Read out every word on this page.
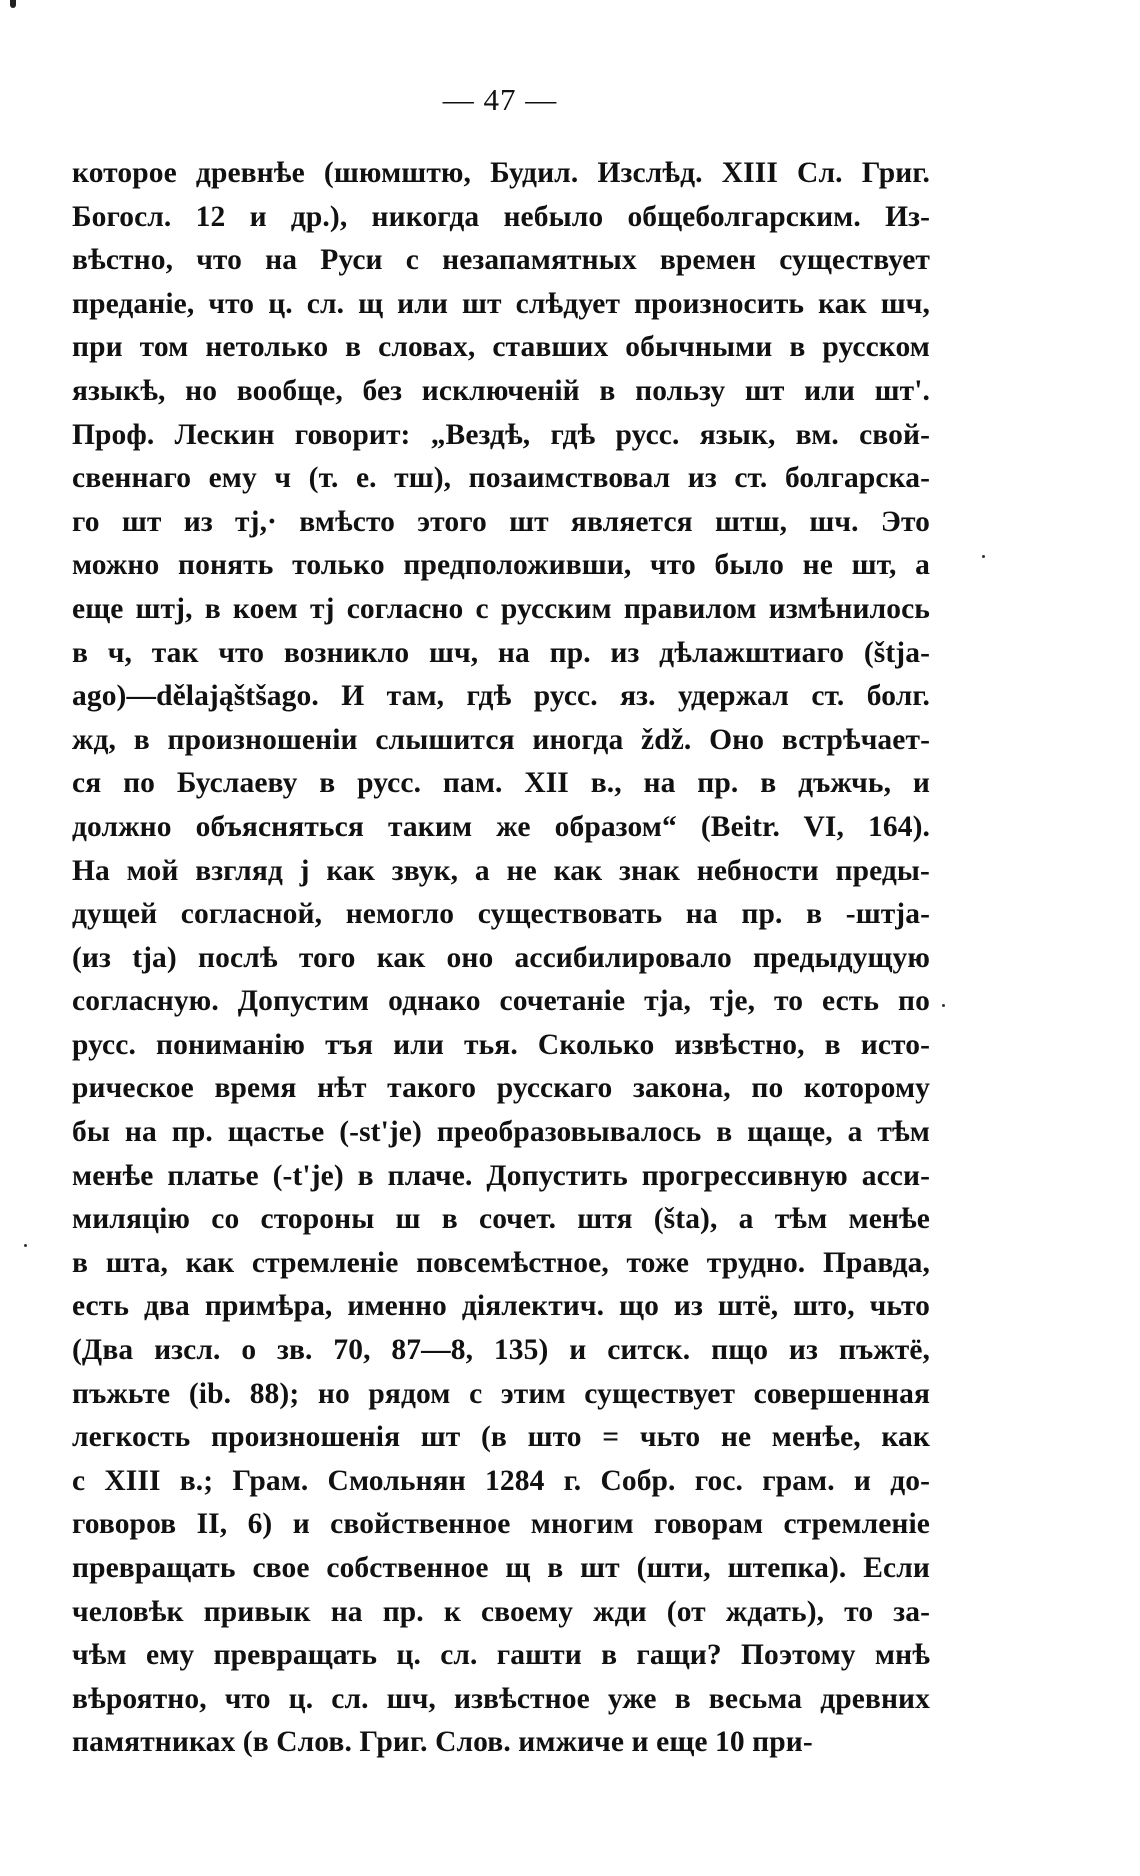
— 47 —
которое древнѣе (шюмштю, Будил. Изслѣд. XIII Сл. Григ.
Богосл. 12 и др.), никогда небыло общеболгарским. Из-
вѣстно, что на Руси с незапамятных времен существует
преданіе, что ц. сл. щ или шт слѣдует произносить как шч,
при том нетолько в словах, ставших обычными в русском
языкѣ, но вообще, без исключеній в пользу шт или шт'.
Проф. Лескин говорит: „Вездѣ, гдѣ русс. язык, вм. свой-
свеннаго ему ч (т. е. тш), позаимствовал из ст. болгарска-
го шт из тj,· вмѣсто этого шт является штш, шч. Это
можно понять только предположивши, что было не шт, а
еще штj, в коем тj согласно с русским правилом измѣнилось
в ч, так что возникло шч, на пр. из дѣлажштиаго (štja-
ago)—dělająštšago. И там, гдѣ русс. яз. удержал ст. болг.
жд, в произношеніи слышится иногда ždž. Оно встрѣчает-
ся по Буслаеву в русс. пам. XII в., на пр. в дъжчь, и
должно объясняться таким же образом“ (Beitr. VI, 164).
На мой взгляд j как звук, а не как знак небности преды-
дущей согласной, немогло существовать на пр. в -штја-
(из tja) послѣ того как оно ассибилировало предыдущую
согласную. Допустим однако сочетаніе тја, тје, то есть по
русс. пониманію тъя или тья. Сколько извѣстно, в исто-
рическое время нѣт такого русскаго закона, по которому
бы на пр. щастье (-st'je) преобразовывалось в щаще, а тѣм
менѣе платье (-t'je) в плаче. Допустить прогрессивную асси-
миляцію со стороны ш в сочет. штя (šta), а тѣм менѣе
в шта, как стремленіе повсемѣстное, тоже трудно. Правда,
есть два примѣра, именно діялектич. що из штё, што, чьто
(Два изсл. о зв. 70, 87—8, 135) и ситск. пщо из пъжтё,
пъжьте (іb. 88); но рядом с этим существует совершенная
легкость произношенія шт (в што = чьто не менѣе, как
с XIII в.; Грам. Смольнян 1284 г. Собр. гос. грам. и до-
говоров II, 6) и свойственное многим говорам стремленіе
превращать свое собственное щ в шт (шти, штепка). Если
человѣк привык на пр. к своему жди (от ждать), то за-
чѣм ему превращать ц. сл. гашти в гащи? Поэтому мнѣ
вѣроятно, что ц. сл. шч, извѣстное уже в весьма древних
памятниках (в Слов. Григ. Слов. имжиче и еще 10 при-
